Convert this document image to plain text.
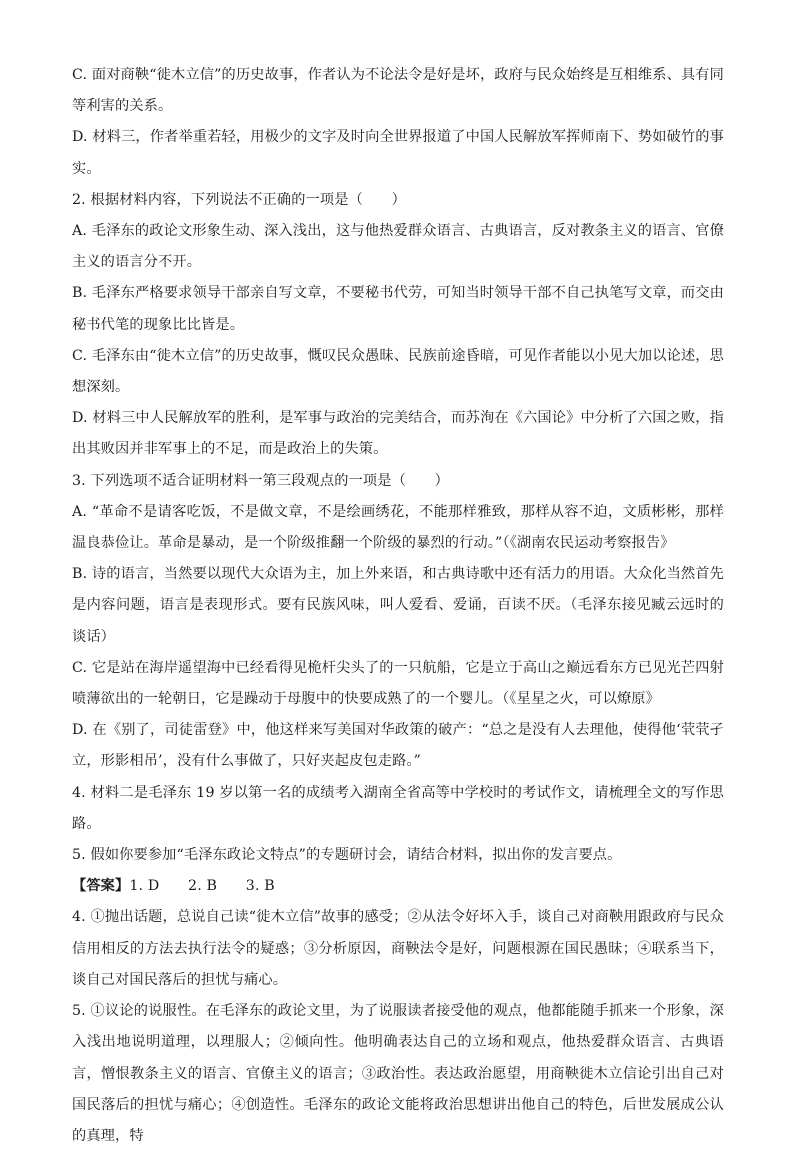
C. 面对商鞅“徙木立信”的历史故事，作者认为不论法令是好是坏，政府与民众始终是互相维系、具有同等利害的关系。

D. 材料三，作者举重若轻，用极少的文字及时向全世界报道了中国人民解放军挥师南下、势如破竹的事实。

2. 根据材料内容，下列说法不正确的一项是（　　）

A. 毛泽东的政论文形象生动、深入浅出，这与他热爱群众语言、古典语言，反对教条主义的语言、官僚主义的语言分不开。

B. 毛泽东严格要求领导干部亲自写文章，不要秘书代劳，可知当时领导干部不自己执笔写文章，而交由秘书代笔的现象比比皆是。

C. 毛泽东由“徙木立信”的历史故事，慨叹民众愚昧、民族前途昏暗，可见作者能以小见大加以论述，思想深刻。

D. 材料三中人民解放军的胜利，是军事与政治的完美结合，而苏洵在《六国论》中分析了六国之败，指出其败因并非军事上的不足，而是政治上的失策。

3. 下列选项不适合证明材料一第三段观点的一项是（　　）

A. “革命不是请客吃饭，不是做文章，不是绘画绣花，不能那样雅致，那样从容不迫，文质彬彬，那样温良恭俭让。革命是暴动，是一个阶级推翻一个阶级的暴烈的行动。”（《湖南农民运动考察报告》

B. 诗的语言，当然要以现代大众语为主，加上外来语，和古典诗歌中还有活力的用语。大众化当然首先是内容问题，语言是表现形式。要有民族风味，叫人爱看、爱诵，百读不厌。（毛泽东接见臧云远时的谈话）

C. 它是站在海岸遥望海中已经看得见桅杆尖头了的一只航船，它是立于高山之巅远看东方已见光芒四射喷薄欲出的一轮朝日，它是躁动于母腹中的快要成熟了的一个婴儿。（《星星之火，可以燎原》

D. 在《别了，司徒雷登》中，他这样来写美国对华政策的破产：“总之是没有人去理他，使得他‘茕茕孑立，形影相吊’，没有什么事做了，只好夹起皮包走路。”

4. 材料二是毛泽东 19 岁以第一名的成绩考入湖南全省高等中学校时的考试作文，请梳理全文的写作思路。

5. 假如你要参加“毛泽东政论文特点”的专题研讨会，请结合材料，拟出你的发言要点。

【答案】1. D　　2. B　　3. B

4. ①抛出话题，总说自己读“徙木立信”故事的感受；②从法令好坏入手，谈自己对商鞅用跟政府与民众信用相反的方法去执行法令的疑惑；③分析原因，商鞅法令是好，问题根源在国民愚昧；④联系当下，谈自己对国民落后的担忧与痛心。

5. ①议论的说服性。在毛泽东的政论文里，为了说服读者接受他的观点，他都能随手抓来一个形象，深入浅出地说明道理，以理服人；②倾向性。他明确表达自己的立场和观点，他热爱群众语言、古典语言，憎恨教条主义的语言、官僚主义的语言；③政治性。表达政治愿望，用商鞅徙木立信论引出自己对国民落后的担忧与痛心；④创造性。毛泽东的政论文能将政治思想讲出他自己的特色，后世发展成公认的真理，特
